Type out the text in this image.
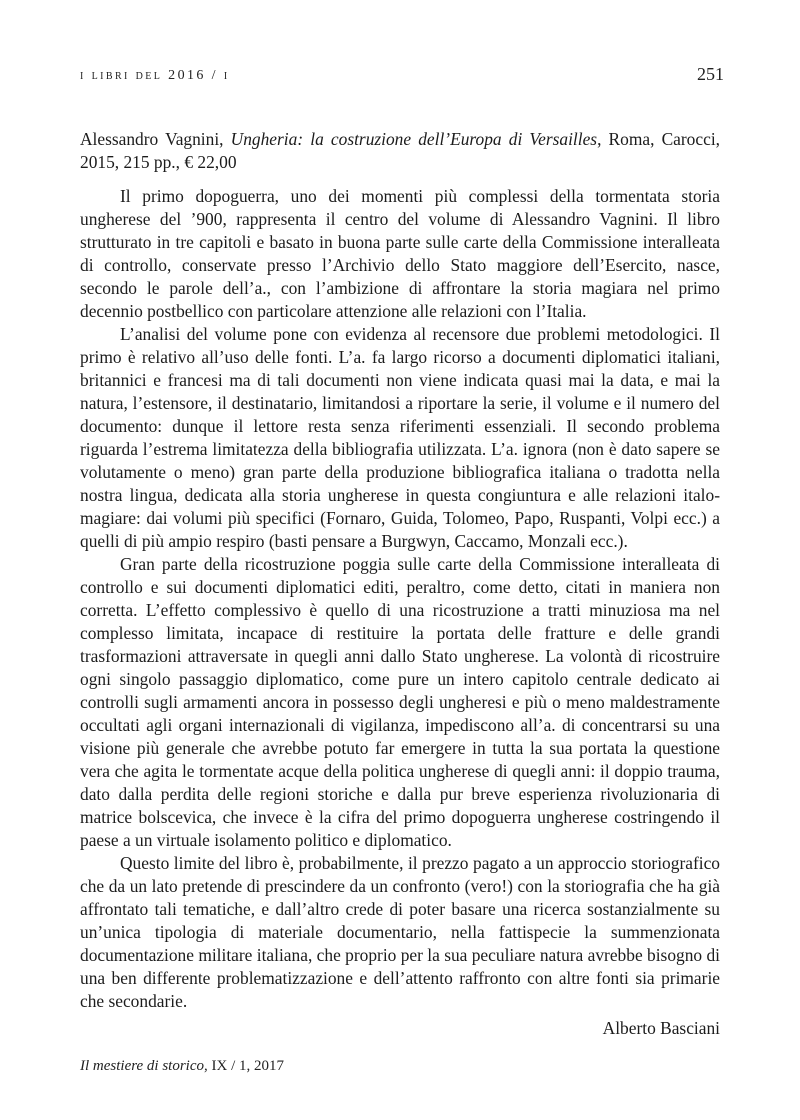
i libri del 2016 / i	251

Alessandro Vagnini, Ungheria: la costruzione dell’Europa di Versailles, Roma, Carocci, 2015, 215 pp., € 22,00

Il primo dopoguerra, uno dei momenti più complessi della tormentata storia ungherese del ’900, rappresenta il centro del volume di Alessandro Vagnini. Il libro strutturato in tre capitoli e basato in buona parte sulle carte della Commissione interalleata di controllo, conservate presso l’Archivio dello Stato maggiore dell’Esercito, nasce, secondo le parole dell’a., con l’ambizione di affrontare la storia magiara nel primo decennio postbellico con particolare attenzione alle relazioni con l’Italia.

L’analisi del volume pone con evidenza al recensore due problemi metodologici. Il primo è relativo all’uso delle fonti. L’a. fa largo ricorso a documenti diplomatici italiani, britannici e francesi ma di tali documenti non viene indicata quasi mai la data, e mai la natura, l’estensore, il destinatario, limitandosi a riportare la serie, il volume e il numero del documento: dunque il lettore resta senza riferimenti essenziali. Il secondo problema riguarda l’estrema limitatezza della bibliografia utilizzata. L’a. ignora (non è dato sapere se volutamente o meno) gran parte della produzione bibliografica italiana o tradotta nella nostra lingua, dedicata alla storia ungherese in questa congiuntura e alle relazioni italo-magiare: dai volumi più specifici (Fornaro, Guida, Tolomeo, Papo, Ruspanti, Volpi ecc.) a quelli di più ampio respiro (basti pensare a Burgwyn, Caccamo, Monzali ecc.).

Gran parte della ricostruzione poggia sulle carte della Commissione interalleata di controllo e sui documenti diplomatici editi, peraltro, come detto, citati in maniera non corretta. L’effetto complessivo è quello di una ricostruzione a tratti minuziosa ma nel complesso limitata, incapace di restituire la portata delle fratture e delle grandi trasformazioni attraversate in quegli anni dallo Stato ungherese. La volontà di ricostruire ogni singolo passaggio diplomatico, come pure un intero capitolo centrale dedicato ai controlli sugli armamenti ancora in possesso degli ungheresi e più o meno maldestramente occultati agli organi internazionali di vigilanza, impediscono all’a. di concentrarsi su una visione più generale che avrebbe potuto far emergere in tutta la sua portata la questione vera che agita le tormentate acque della politica ungherese di quegli anni: il doppio trauma, dato dalla perdita delle regioni storiche e dalla pur breve esperienza rivoluzionaria di matrice bolscevica, che invece è la cifra del primo dopoguerra ungherese costringendo il paese a un virtuale isolamento politico e diplomatico.

Questo limite del libro è, probabilmente, il prezzo pagato a un approccio storiografico che da un lato pretende di prescindere da un confronto (vero!) con la storiografia che ha già affrontato tali tematiche, e dall’altro crede di poter basare una ricerca sostanzialmente su un’unica tipologia di materiale documentario, nella fattispecie la summenzionata documentazione militare italiana, che proprio per la sua peculiare natura avrebbe bisogno di una ben differente problematizzazione e dell’attento raffronto con altre fonti sia primarie che secondarie.

Alberto Basciani

Il mestiere di storico, IX / 1, 2017
